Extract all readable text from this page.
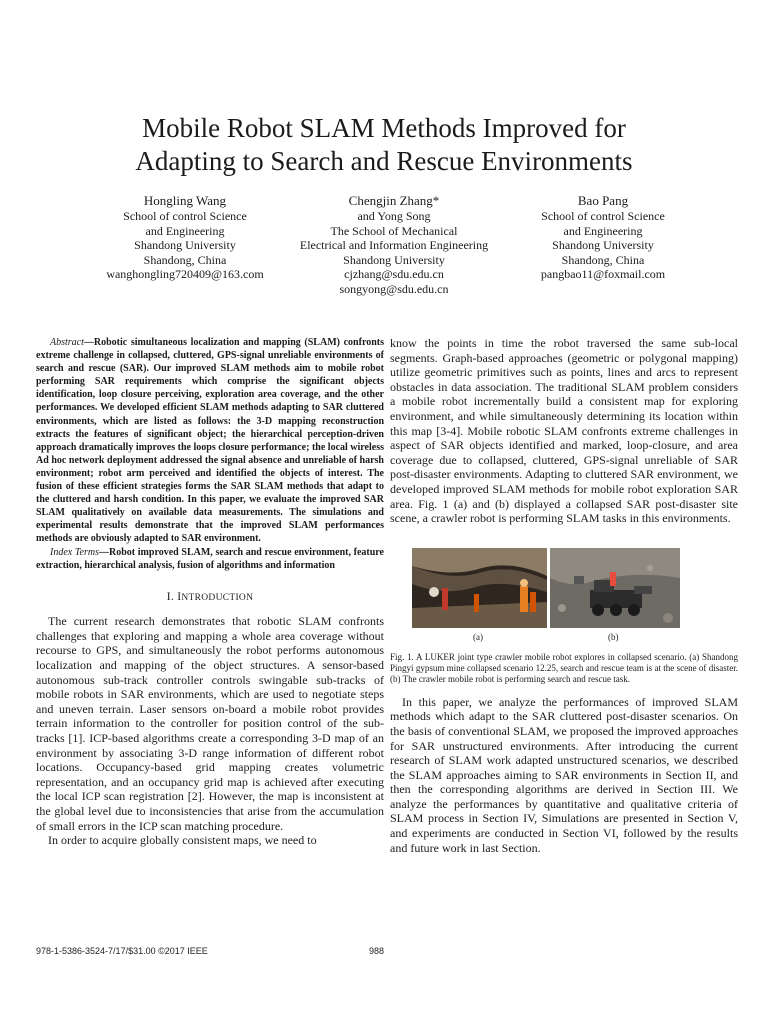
Mobile Robot SLAM Methods Improved for
Adapting to Search and Rescue Environments
Hongling Wang
School of control Science
and Engineering
Shandong University
Shandong, China
wanghongling720409@163.com
Chengjin Zhang*
and Yong Song
The School of Mechanical
Electrical and Information Engineering
Shandong University
cjzhang@sdu.edu.cn
songyong@sdu.edu.cn
Bao Pang
School of control Science
and Engineering
Shandong University
Shandong, China
pangbao11@foxmail.com

Abstract—Robotic simultaneous localization and mapping (SLAM) confronts extreme challenge in collapsed, cluttered, GPS-signal unreliable environments of search and rescue (SAR). Our improved SLAM methods aim to mobile robot performing SAR requirements which comprise the significant objects identification, loop closure perceiving, exploration area coverage, and the other performances. We developed efficient SLAM methods adapting to SAR cluttered environments, which are listed as follows: the 3-D mapping reconstruction extracts the features of significant object; the hierarchical perception-driven approach dramatically improves the loops closure performance; the local wireless Ad hoc network deployment addressed the signal absence and unreliable of harsh environment; robot arm perceived and identified the objects of interest. The fusion of these efficient strategies forms the SAR SLAM methods that adapt to the cluttered and harsh condition. In this paper, we evaluate the improved SAR SLAM qualitatively on available data measurements. The simulations and experimental results demonstrate that the improved SLAM performances methods are obviously adapted to SAR environment.

Index Terms—Robot improved SLAM, search and rescue environment, feature extraction, hierarchical analysis, fusion of algorithms and information

I. INTRODUCTION

The current research demonstrates that robotic SLAM confronts challenges that exploring and mapping a whole area coverage without recourse to GPS, and simultaneously the robot performs autonomous localization and mapping of the object structures. A sensor-based autonomous sub-track controller controls swingable sub-tracks of mobile robots in SAR environments, which are used to negotiate steps and uneven terrain. Laser sensors on-board a mobile robot provides terrain information to the controller for position control of the sub-tracks [1]. ICP-based algorithms create a corresponding 3-D map of an environment by associating 3-D range information of different robot locations. Occupancy-based grid mapping creates volumetric representation, and an occupancy grid map is achieved after executing the local ICP scan registration [2]. However, the map is inconsistent at the global level due to inconsistencies that arise from the accumulation of small errors in the ICP scan matching procedure.

In order to acquire globally consistent maps, we need to

know the points in time the robot traversed the same sub-local segments. Graph-based approaches (geometric or polygonal mapping) utilize geometric primitives such as points, lines and arcs to represent obstacles in data association. The traditional SLAM problem considers a mobile robot incrementally build a consistent map for exploring environment, and while simultaneously determining its location within this map [3-4]. Mobile robotic SLAM confronts extreme challenges in aspect of SAR objects identified and marked, loop-closure, and area coverage due to collapsed, cluttered, GPS-signal unreliable of SAR post-disaster environments. Adapting to cluttered SAR environment, we developed improved SLAM methods for mobile robot exploration SAR area. Fig. 1 (a) and (b) displayed a collapsed SAR post-disaster site scene, a crawler robot is performing SLAM tasks in this environments.

(a)	(b)
Fig. 1. A LUKER joint type crawler mobile robot explores in collapsed scenario. (a) Shandong Pingyi gypsum mine collapsed scenario 12.25, search and rescue team is at the scene of disaster. (b) The crawler mobile robot is performing search and rescue task.

In this paper, we analyze the performances of improved SLAM methods which adapt to the SAR cluttered post-disaster scenarios. On the basis of conventional SLAM, we proposed the improved approaches for SAR unstructured environments. After introducing the current research of SLAM work adapted unstructured scenarios, we described the SLAM approaches aiming to SAR environments in Section II, and then the corresponding algorithms are derived in Section III. We analyze the performances by quantitative and qualitative criteria of SLAM process in Section IV, Simulations are presented in Section V, and experiments are conducted in Section VI, followed by the results and future work in last Section.

978-1-5386-3524-7/17/$31.00 ©2017 IEEE	988
